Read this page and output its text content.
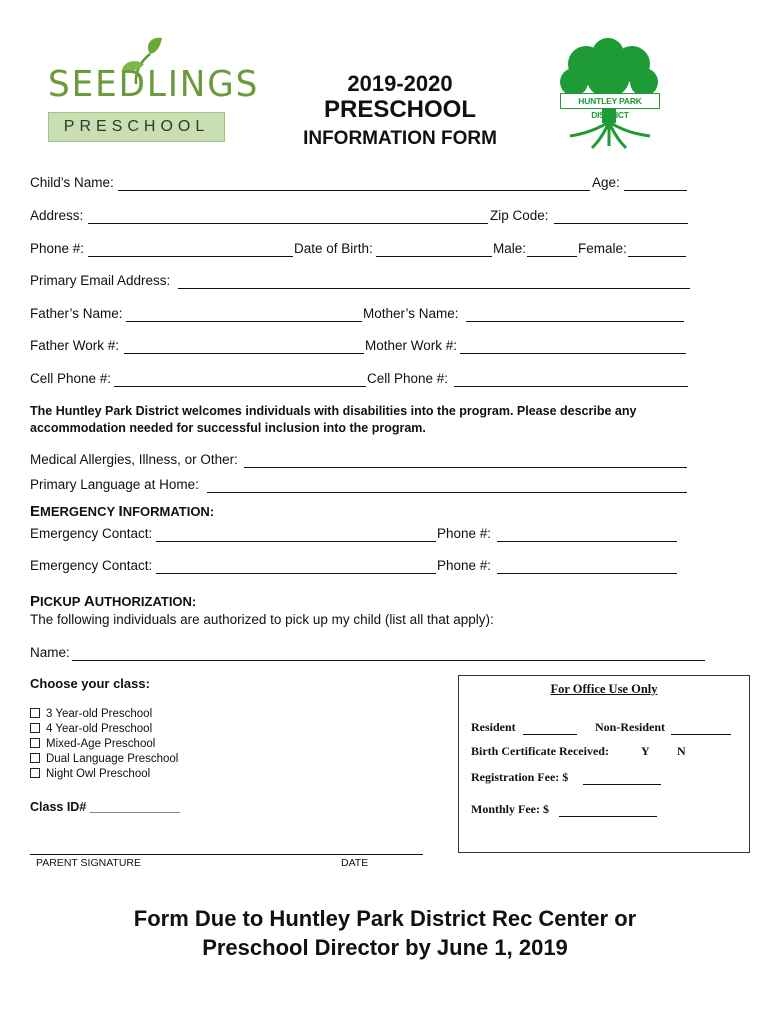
SEEDLINGS
PRESCHOOL
2019-2020
PRESCHOOL
INFORMATION FORM
HUNTLEY PARK DISTRICT
Child’s Name:	Age:
Address:	Zip Code:
Phone #:	Date of Birth:	Male:	Female:
Primary Email Address:
Father’s Name:	Mother’s Name:
Father Work #:	Mother Work #:
Cell Phone #:	Cell Phone #:
The Huntley Park District welcomes individuals with disabilities into the program. Please describe any accommodation needed for successful inclusion into the program.
Medical Allergies, Illness, or Other:
Primary Language at Home:
EMERGENCY INFORMATION:
Emergency Contact:	Phone #:
Emergency Contact:	Phone #:
PICKUP AUTHORIZATION:
The following individuals are authorized to pick up my child (list all that apply):
Name:
Choose your class:
3 Year-old Preschool
4 Year-old Preschool
Mixed-Age Preschool
Dual Language Preschool
Night Owl Preschool
Class ID# _____________
For Office Use Only
Resident	Non-Resident
Birth Certificate Received:	Y N
Registration Fee: $
Monthly Fee: $
PARENT SIGNATURE	DATE
Form Due to Huntley Park District Rec Center or
Preschool Director by June 1, 2019
